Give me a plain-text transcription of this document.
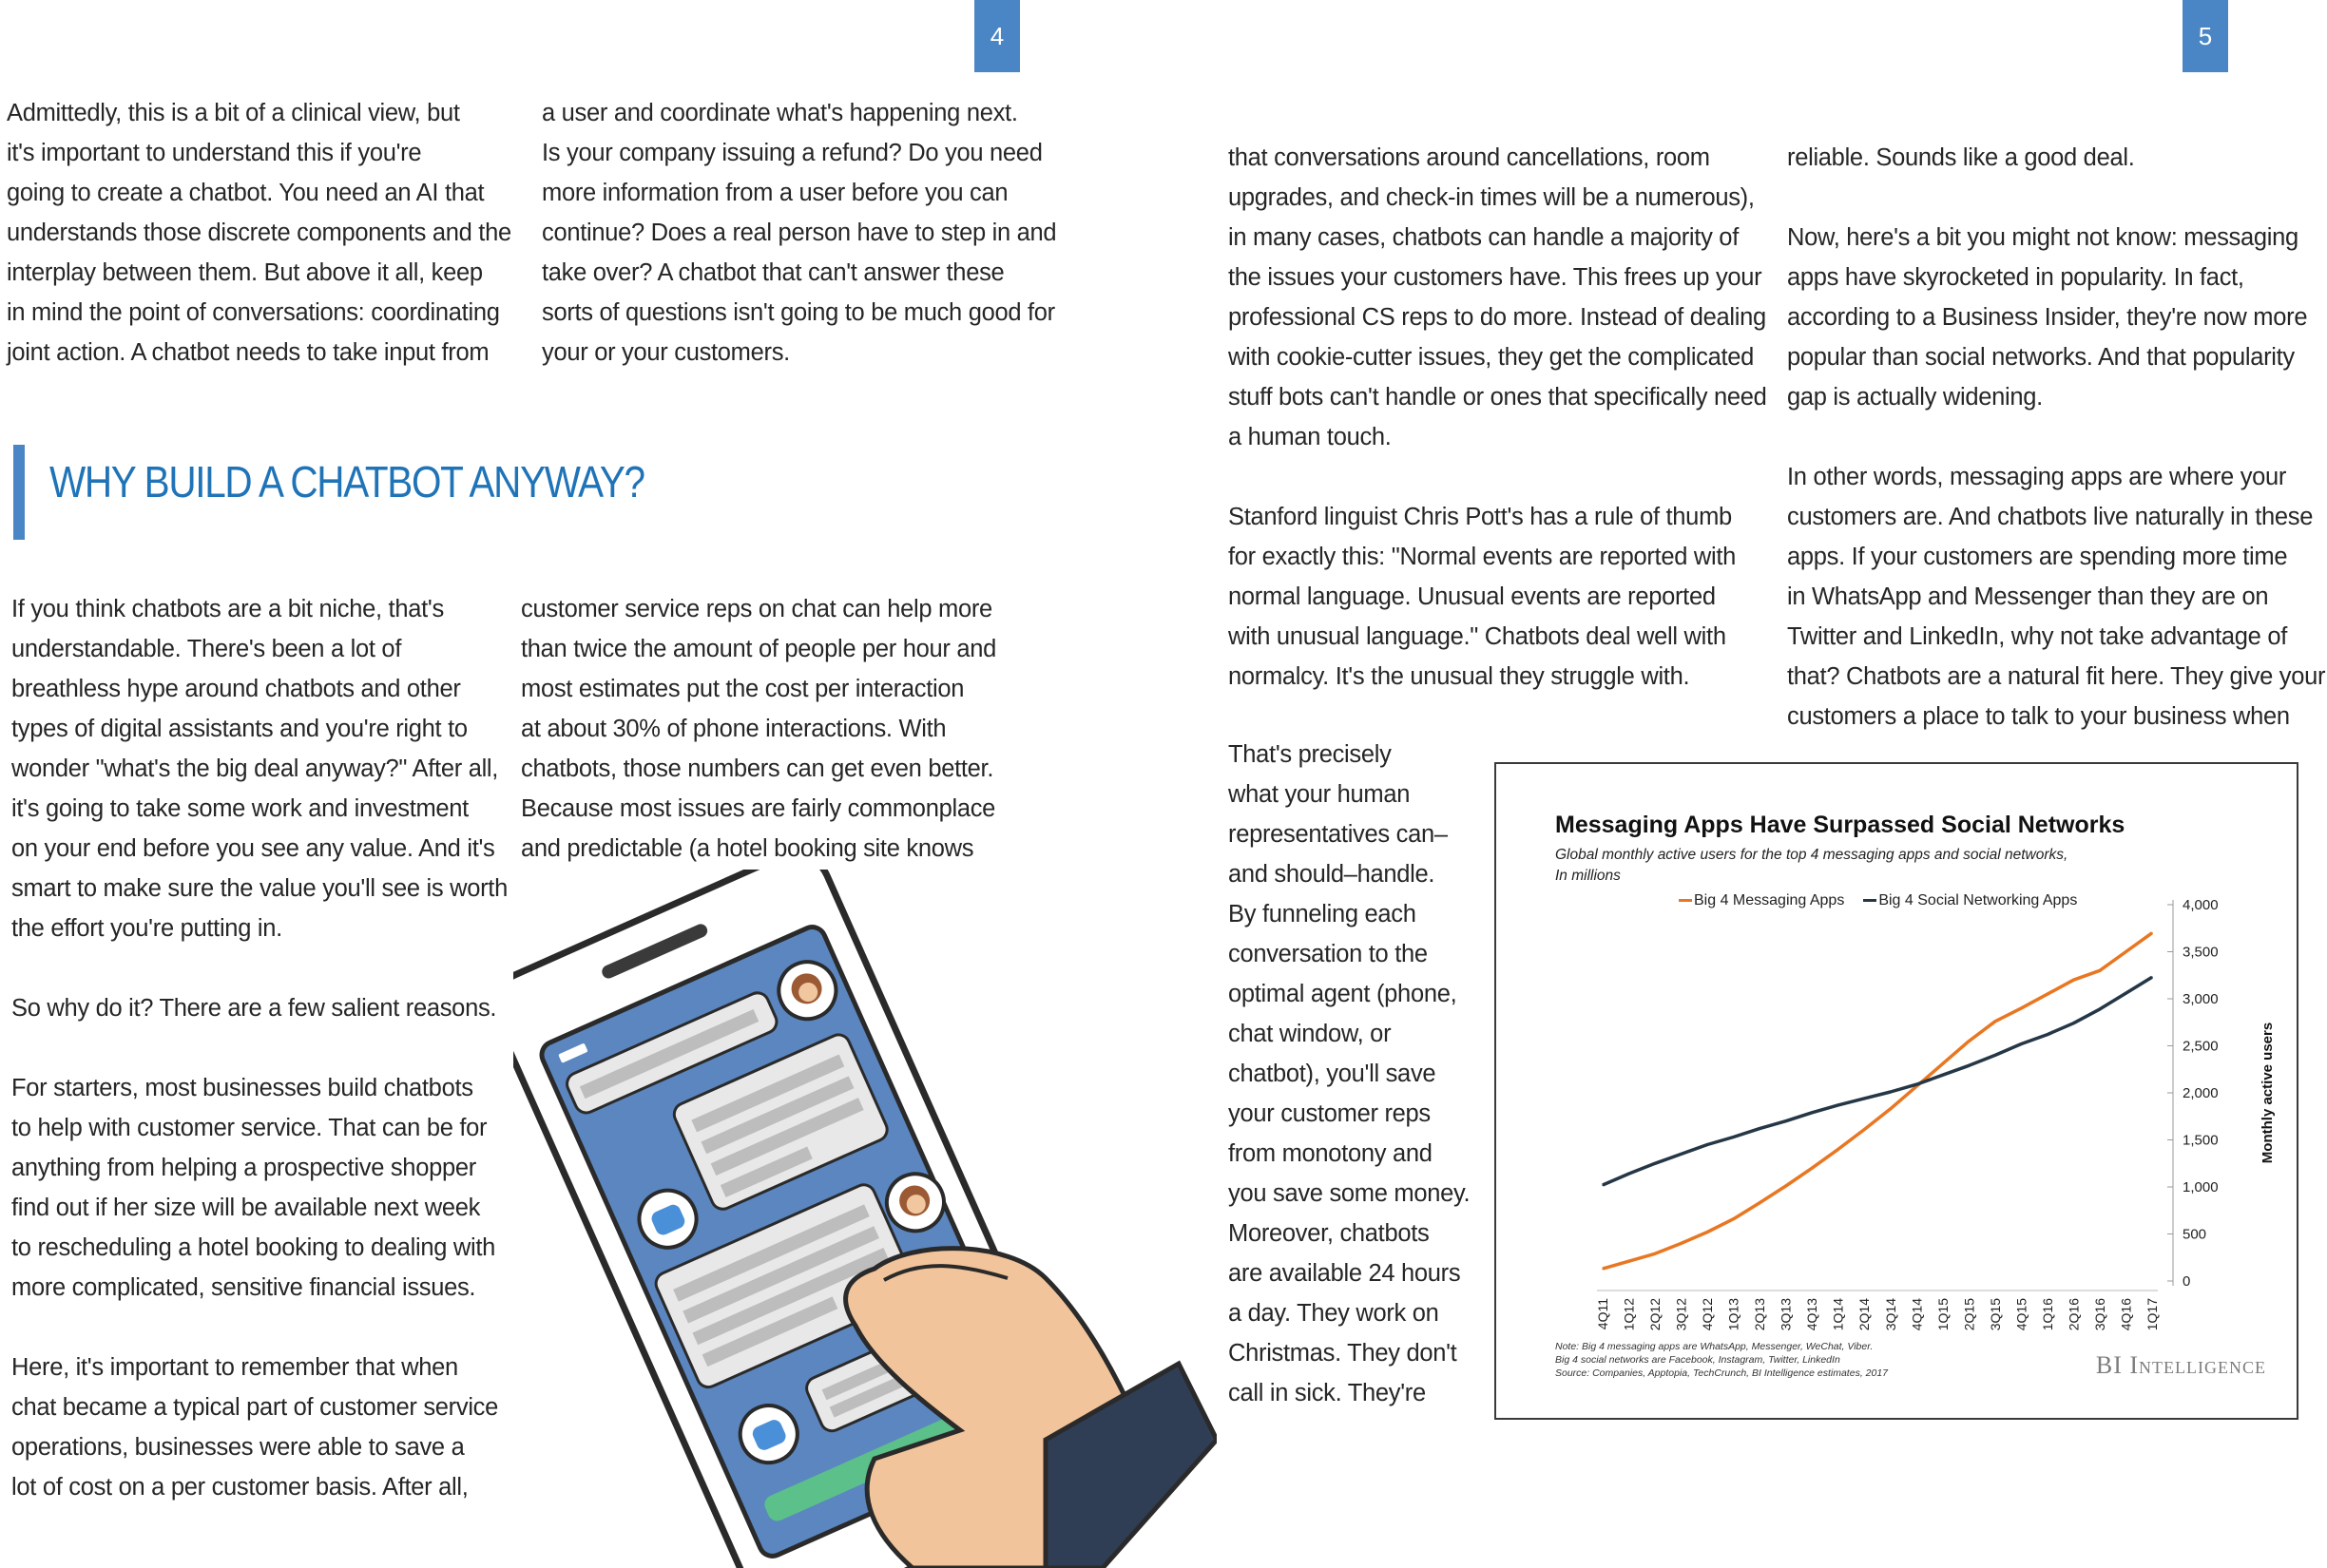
4	5
Admittedly, this is a bit of a clinical view, but
it's important to understand this if you're
going to create a chatbot. You need an AI that
understands those discrete components and the
interplay between them. But above it all, keep
in mind the point of conversations: coordinating
joint action. A chatbot needs to take input from
a user and coordinate what's happening next.
Is your company issuing a refund? Do you need
more information from a user before you can
continue? Does a real person have to step in and
take over? A chatbot that can't answer these
sorts of questions isn't going to be much good for
your or your customers.
WHY BUILD A CHATBOT ANYWAY?
If you think chatbots are a bit niche, that's
understandable. There's been a lot of
breathless hype around chatbots and other
types of digital assistants and you're right to
wonder "what's the big deal anyway?" After all,
it's going to take some work and investment
on your end before you see any value. And it's
smart to make sure the value you'll see is worth
the effort you're putting in.
So why do it? There are a few salient reasons.
For starters, most businesses build chatbots
to help with customer service. That can be for
anything from helping a prospective shopper
find out if her size will be available next week
to rescheduling a hotel booking to dealing with
more complicated, sensitive financial issues.
Here, it's important to remember that when
chat became a typical part of customer service
operations, businesses were able to save a
lot of cost on a per customer basis. After all,
customer service reps on chat can help more
than twice the amount of people per hour and
most estimates put the cost per interaction
at about 30% of phone interactions. With
chatbots, those numbers can get even better.
Because most issues are fairly commonplace
and predictable (a hotel booking site knows
that conversations around cancellations, room
upgrades, and check-in times will be a numerous),
in many cases, chatbots can handle a majority of
the issues your customers have. This frees up your
professional CS reps to do more. Instead of dealing
with cookie-cutter issues, they get the complicated
stuff bots can't handle or ones that specifically need
a human touch.
Stanford linguist Chris Pott's has a rule of thumb
for exactly this: "Normal events are reported with
normal language. Unusual events are reported
with unusual language." Chatbots deal well with
normalcy. It's the unusual they struggle with.
That's precisely
what your human
representatives can–
and should–handle.
By funneling each
conversation to the
optimal agent (phone,
chat window, or
chatbot), you'll save
your customer reps
from monotony and
you save some money.
Moreover, chatbots
are available 24 hours
a day. They work on
Christmas. They don't
call in sick. They're
reliable. Sounds like a good deal.
Now, here's a bit you might not know: messaging
apps have skyrocketed in popularity. In fact,
according to a Business Insider, they're now more
popular than social networks. And that popularity
gap is actually widening.
In other words, messaging apps are where your
customers are. And chatbots live naturally in these
apps. If your customers are spending more time
in WhatsApp and Messenger than they are on
Twitter and LinkedIn, why not take advantage of
that? Chatbots are a natural fit here. They give your
customers a place to talk to your business when
Messaging Apps Have Surpassed Social Networks
Global monthly active users for the top 4 messaging apps and social networks,
In millions
Big 4 Messaging Apps	Big 4 Social Networking Apps
0
500
1,000
1,500
2,000
2,500
3,000
3,500
4,000
Monthly active users
4Q11 1Q12 2Q12 3Q12 4Q12 1Q13 2Q13 3Q13 4Q13 1Q14 2Q14 3Q14 4Q14 1Q15 2Q15 3Q15 4Q15 1Q16 2Q16 3Q16 4Q16 1Q17
Note: Big 4 messaging apps are WhatsApp, Messenger, WeChat, Viber.
Big 4 social networks are Facebook, Instagram, Twitter, LinkedIn
Source: Companies, Apptopia, TechCrunch, BI Intelligence estimates, 2017	BI Intelligence
